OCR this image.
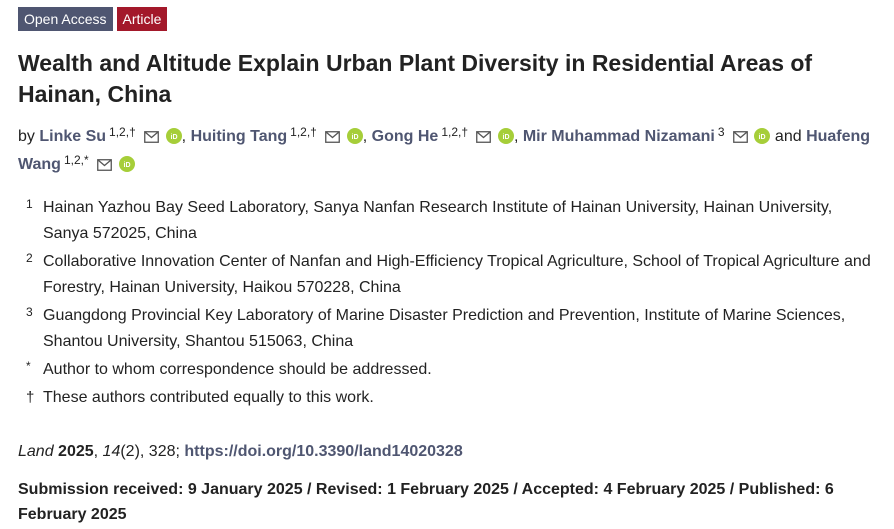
Open Access	Article
Wealth and Altitude Explain Urban Plant Diversity in Residential Areas of Hainan, China
by Linke Su $^{1,2,\dagger}$	iD , Huiting Tang $^{1,2,\dagger}$	iD , Gong He $^{1,2,\dagger}$	iD , Mir Muhammad Nizamani $^3$	iD and Huafeng Wang $^{1,2,*}$	iD
1 Hainan Yazhou Bay Seed Laboratory, Sanya Nanfan Research Institute of Hainan University, Hainan University, Sanya 572025, China
2 Collaborative Innovation Center of Nanfan and High-Efficiency Tropical Agriculture, School of Tropical Agriculture and Forestry, Hainan University, Haikou 570228, China
3 Guangdong Provincial Key Laboratory of Marine Disaster Prediction and Prevention, Institute of Marine Sciences, Shantou University, Shantou 515063, China
* Author to whom correspondence should be addressed.
† These authors contributed equally to this work.
Land 2025, 14(2), 328; https://doi.org/10.3390/land14020328
Submission received: 9 January 2025 / Revised: 1 February 2025 / Accepted: 4 February 2025 / Published: 6 February 2025
